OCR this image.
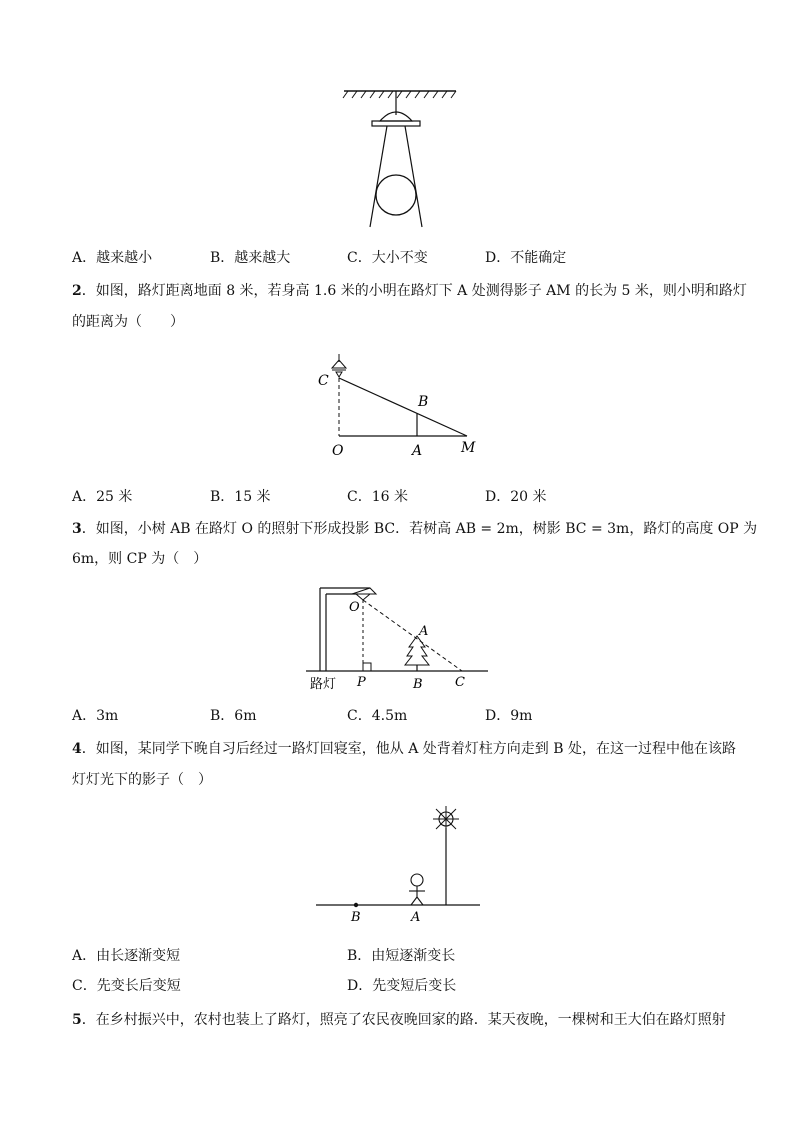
A．越来越小	B．越来越大	C．大小不变	D．不能确定
2．如图，路灯距离地面 8 米，若身高 1.6 米的小明在路灯下 A 处测得影子 AM 的长为 5 米，则小明和路灯
的距离为（　　）
C
B
O	A	M
A．25 米	B．15 米	C．16 米	D．20 米
3．如图，小树 AB 在路灯 O 的照射下形成投影 BC．若树高 AB = 2m，树影 BC = 3m，路灯的高度 OP 为
6m，则 CP 为（　）
O
A
路灯 P	B C
A．3m	B．6m	C．4.5m	D．9m
4．如图，某同学下晚自习后经过一路灯回寝室，他从 A 处背着灯柱方向走到 B 处，在这一过程中他在该路
灯灯光下的影子（　）
B	A
A．由长逐渐变短	B．由短逐渐变长
C．先变长后变短	D．先变短后变长
5．在乡村振兴中，农村也装上了路灯，照亮了农民夜晚回家的路．某天夜晚，一棵树和王大伯在路灯照射
